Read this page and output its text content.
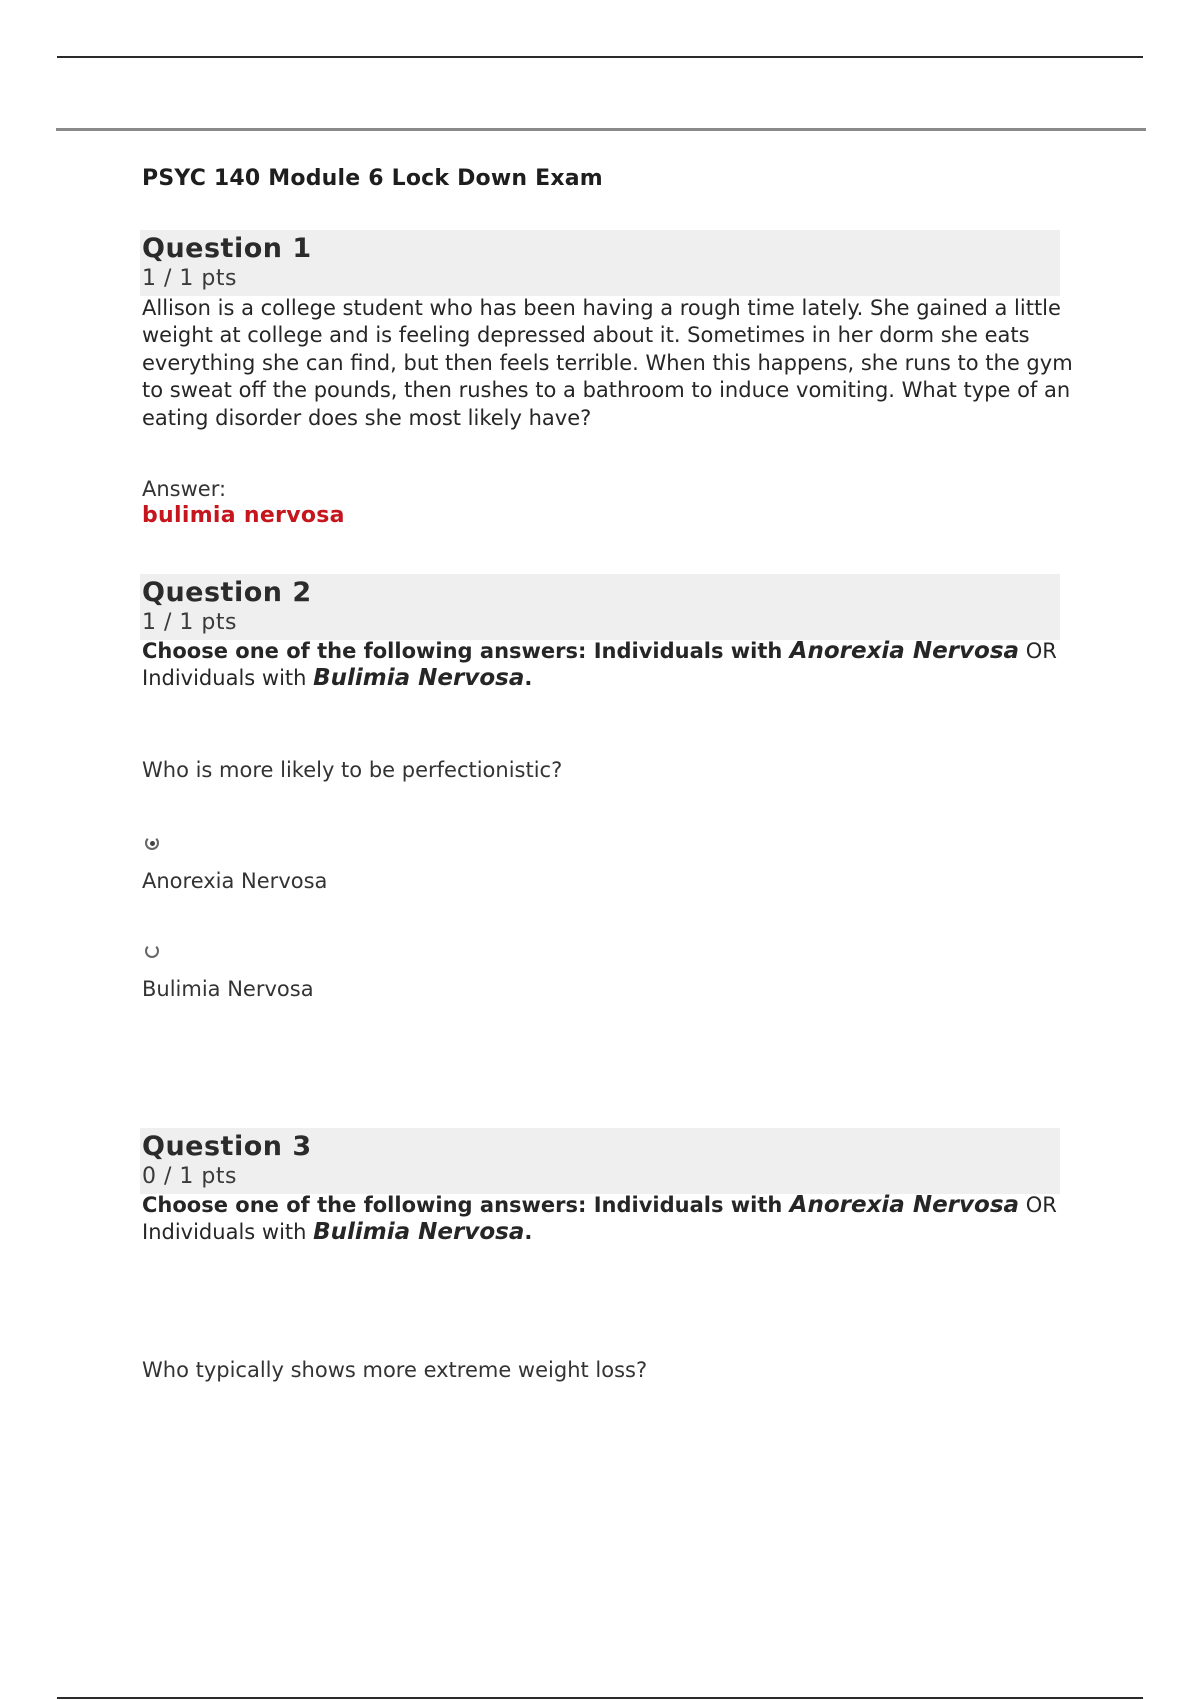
PSYC 140 Module 6 Lock Down Exam
Question 1
1 / 1 pts
Allison is a college student who has been having a rough time lately. She gained a little weight at college and is feeling depressed about it. Sometimes in her dorm she eats everything she can find, but then feels terrible. When this happens, she runs to the gym to sweat off the pounds, then rushes to a bathroom to induce vomiting. What type of an eating disorder does she most likely have?
Answer:
bulimia nervosa
Question 2
1 / 1 pts
Choose one of the following answers: Individuals with Anorexia Nervosa OR Individuals with Bulimia Nervosa.
Who is more likely to be perfectionistic?
Anorexia Nervosa
Bulimia Nervosa
Question 3
0 / 1 pts
Choose one of the following answers: Individuals with Anorexia Nervosa OR Individuals with Bulimia Nervosa.
Who typically shows more extreme weight loss?
